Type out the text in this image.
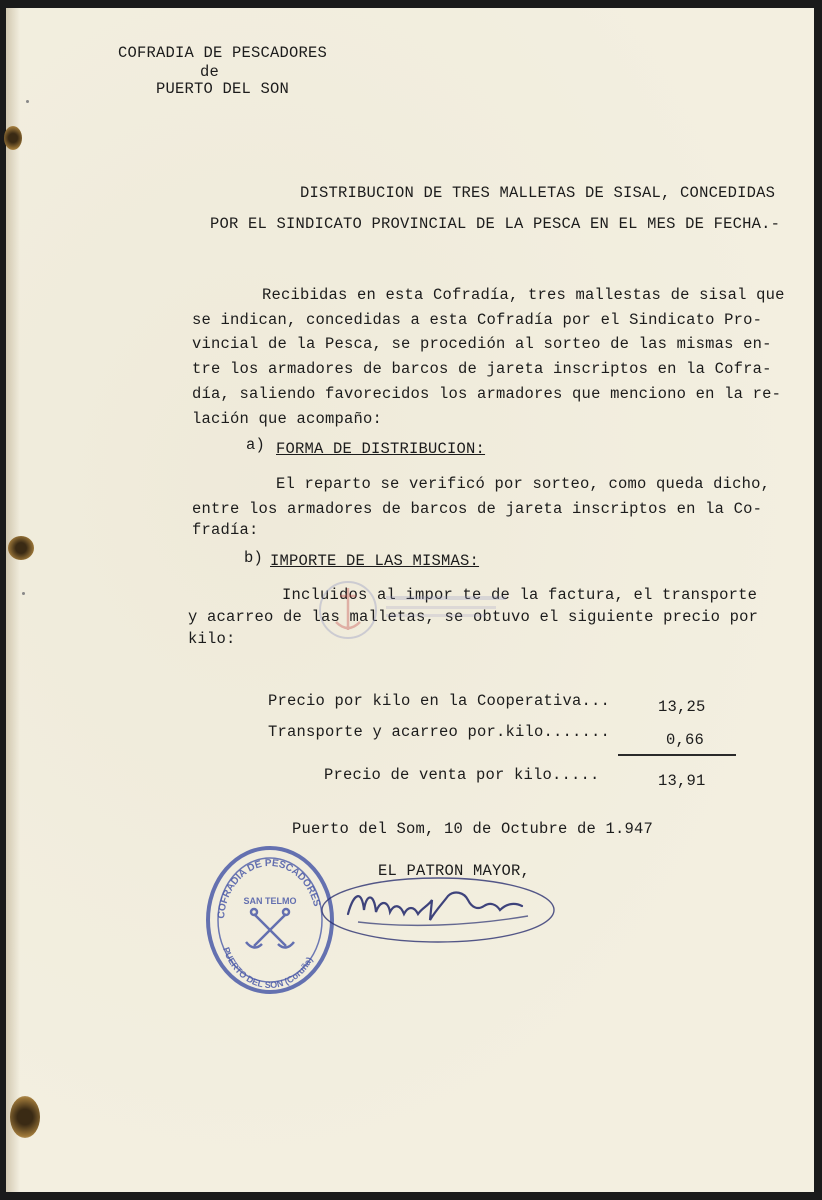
COFRADIA DE PESCADORES
de
PUERTO DEL SON
DISTRIBUCION DE TRES MALLETAS DE SISAL, CONCEDIDAS
POR EL SINDICATO PROVINCIAL DE LA PESCA EN EL MES DE FECHA.-
Recibidas en esta Cofradía, tres mallestas de sisal que
se indican, concedidas a esta Cofradía por el Sindicato Pro-
vincial de la Pesca, se procedión al sorteo de las mismas en-
tre los armadores de barcos de jareta inscriptos en la Cofra-
día, saliendo favorecidos los armadores que menciono en la re-
lación que acompaño:
a) FORMA DE DISTRIBUCION:
El reparto se verificó por sorteo, como queda dicho,
entre los armadores de barcos de jareta inscriptos en la Co-
fradía:
b) IMPORTE DE LAS MISMAS:
Incluidos al impor te de la factura, el transporte
y acarreo de las malletas, se obtuvo el siguiente precio por
kilo:
Precio por kilo en la Cooperativa...	13,25
Transporte y acarreo por.kilo.......	0,66
Precio de venta por kilo.....	13,91
Puerto del Som, 10 de Octubre de 1.947
EL PATRON MAYOR,
COFRADIA DE PESCADORES
PUERTO DEL SON (Coruña)
SAN TELMO
